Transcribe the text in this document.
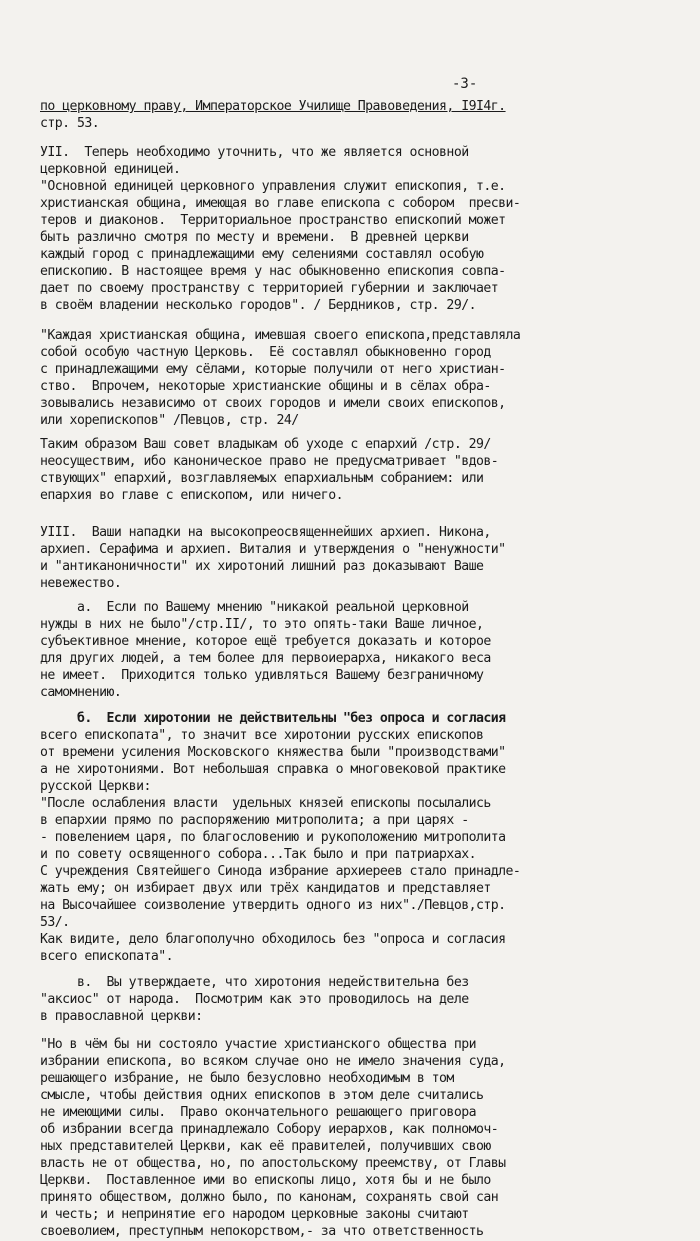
-3-
по церковному праву, Императорское Училище Правоведения, I9I4г.
стр. 53.
УII.  Теперь необходимо уточнить, что же является основной
церковной единицей.
"Основной единицей церковного управления служит епископия, т.е.
христианская община, имеющая во главе епископа с собором  пресви-
теров и диаконов.  Территориальное пространство епископий может
быть различно смотря по месту и времени.  В древней церкви
каждый город с принадлежащими ему селениями составлял особую
епископию. В настоящее время у нас обыкновенно епископия совпа-
дает по своему пространству с территорией губернии и заключает
в своём владении несколько городов". / Бердников, стр. 29/.
"Каждая христианская община, имевшая своего епископа,представляла
собой особую частную Церковь.  Её составлял обыкновенно город
с принадлежащими ему сёлами, которые получили от него христиан-
ство.  Впрочем, некоторые христианские общины и в сёлах обра-
зовывались независимо от своих городов и имели своих епископов,
или хорепископов" /Певцов, стр. 24/
Таким образом Ваш совет владыкам об уходе с епархий /стр. 29/
неосуществим, ибо каноническое право не предусматривает "вдов-
ствующих" епархий, возглавляемых епархиальным собранием: или
епархия во главе с епископом, или ничего.
УIII.  Ваши нападки на высокопреосвященнейших архиеп. Никона,
архиеп. Серафима и архиеп. Виталия и утверждения о "ненужности"
и "антиканоничности" их хиротоний лишний раз доказывают Ваше
невежество.
а.  Если по Вашему мнению "никакой реальной церковной
нужды в них не было"/стр.II/, то это опять-таки Ваше личное,
субъективное мнение, которое ещё требуется доказать и которое
для других людей, а тем более для первоиерарха, никакого веса
не имеет.  Приходится только удивляться Вашему безграничному
самомнению.
б.  Если хиротонии не действительны "без опроса и согласия
всего епископата", то значит все хиротонии русских епископов
от времени усиления Московского княжества были "производствами"
а не хиротониями. Вот небольшая справка о многовековой практике
русской Церкви:
"После ослабления власти  удельных князей епископы посылались
в епархии прямо по распоряжению митрополита; а при царях -
- повелением царя, по благословению и рукоположению митрополита
и по совету освященного собора...Так было и при патриархах.
С учреждения Святейшего Синода избрание архиереев стало принадле-
жать ему; он избирает двух или трёх кандидатов и представляет
на Высочайшее соизволение утвердить одного из них"./Певцов,стр.
53/.
Как видите, дело благополучно обходилось без "опроса и согласия
всего епископата".
в.  Вы утверждаете, что хиротония недействительна без
"аксиос" от народа.  Посмотрим как это проводилось на деле
в православной церкви:
"Но в чём бы ни состояло участие христианского общества при
избрании епископа, во всяком случае оно не имело значения суда,
решающего избрание, не было безусловно необходимым в том
смысле, чтобы действия одних епископов в этом деле считались
не имеющими силы.  Право окончательного решающего приговора
об избрании всегда принадлежало Собору иерархов, как полномоч-
ных представителей Церкви, как её правителей, получивших свою
власть не от общества, но, по апостольскому преемству, от Главы
Церкви.  Поставленное ими во епископы лицо, хотя бы и не было
принято обществом, должно было, по канонам, сохранять свой сан
и честь; и непринятие его народом церковные законы считают
своеволием, преступным непокорством,- за что ответственность
